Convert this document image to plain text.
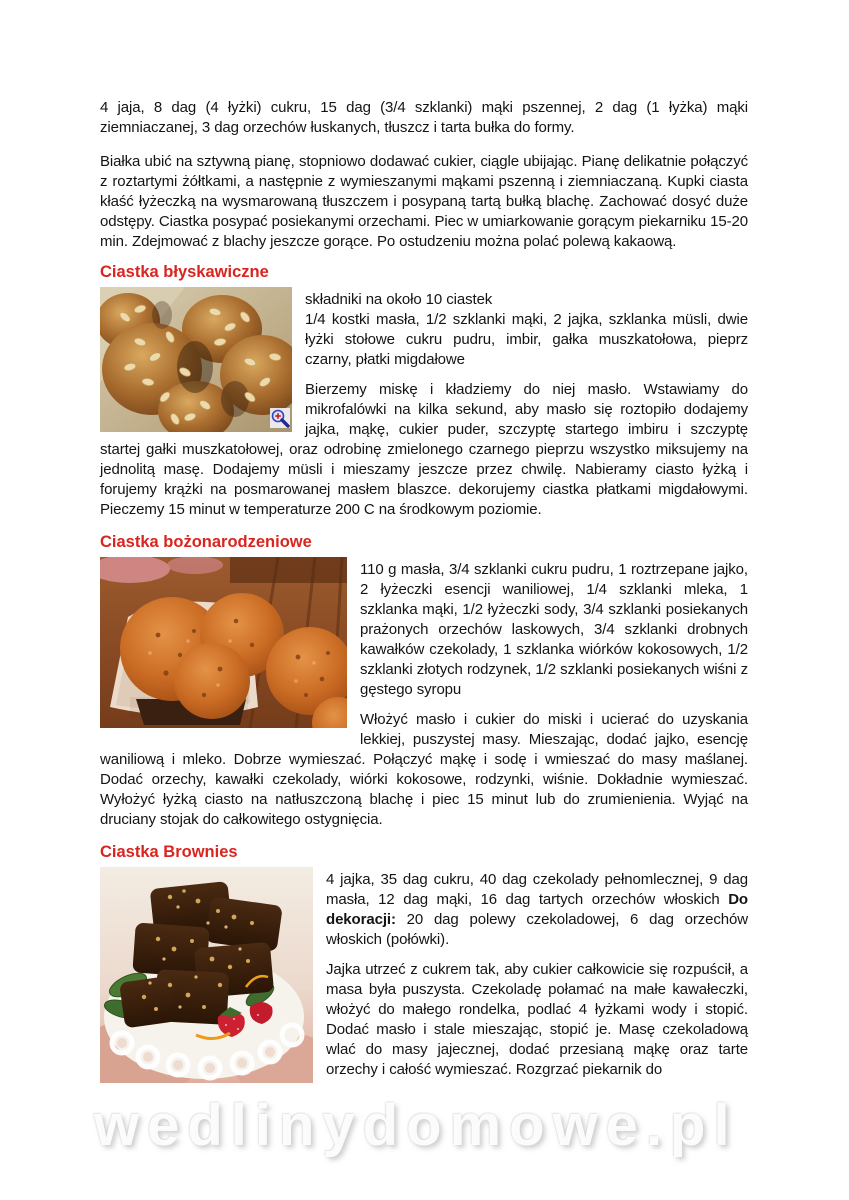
4 jaja, 8 dag (4 łyżki) cukru, 15 dag (3/4 szklanki) mąki pszennej, 2 dag (1 łyżka) mąki ziemniaczanej, 3 dag orzechów łuskanych, tłuszcz i tarta bułka do formy.

Białka ubić na sztywną pianę, stopniowo dodawać cukier, ciągle ubijając. Pianę delikatnie połączyć z roztartymi żółtkami, a następnie z wymieszanymi mąkami pszenną i ziemniaczaną. Kupki ciasta kłaść łyżeczką na wysmarowaną tłuszczem i posypaną tartą bułką blachę. Zachować dosyć duże odstępy. Ciastka posypać posiekanymi orzechami. Piec w umiarkowanie gorącym piekarniku 15-20 min. Zdejmować z blachy jeszcze gorące. Po ostudzeniu można polać polewą kakaową.

Ciastka błyskawiczne

składniki na około 10 ciastek

1/4 kostki masła, 1/2 szklanki mąki, 2 jajka, szklanka müsli, dwie łyżki stołowe cukru pudru, imbir, gałka muszkatołowa, pieprz czarny, płatki migdałowe

Bierzemy miskę i kładziemy do niej masło. Wstawiamy do mikrofalówki na kilka sekund, aby masło się roztopiło dodajemy jajka, mąkę, cukier puder, szczyptę startego imbiru i szczyptę startej gałki muszkatołowej, oraz odrobinę zmielonego czarnego pieprzu wszystko miksujemy na jednolitą masę. Dodajemy müsli i mieszamy jeszcze przez chwilę. Nabieramy ciasto łyżką i forujemy krążki na posmarowanej masłem blaszce. dekorujemy ciastka płatkami migdałowymi. Pieczemy 15 minut w temperaturze 200 C na środkowym poziomie.

Ciastka bożonarodzeniowe

110 g masła, 3/4 szklanki cukru pudru, 1 roztrzepane jajko, 2 łyżeczki esencji waniliowej, 1/4 szklanki mleka, 1 szklanka mąki, 1/2 łyżeczki sody, 3/4 szklanki posiekanych prażonych orzechów laskowych, 3/4 szklanki drobnych kawałków czekolady, 1 szklanka wiórków kokosowych, 1/2 szklanki złotych rodzynek, 1/2 szklanki posiekanych wiśni z gęstego syropu

Włożyć masło i cukier do miski i ucierać do uzyskania lekkiej, puszystej masy. Mieszając, dodać jajko, esencję waniliową i mleko. Dobrze wymieszać. Połączyć mąkę i sodę i wmieszać do masy maślanej. Dodać orzechy, kawałki czekolady, wiórki kokosowe, rodzynki, wiśnie. Dokładnie wymieszać. Wyłożyć łyżką ciasto na natłuszczoną blachę i piec 15 minut lub do zrumienienia. Wyjąć na druciany stojak do całkowitego ostygnięcia.

Ciastka Brownies

4 jajka, 35 dag cukru, 40 dag czekolady pełnomlecznej, 9 dag masła, 12 dag mąki, 16 dag tartych orzechów włoskich Do dekoracji: 20 dag polewy czekoladowej, 6 dag orzechów włoskich (połówki).

Jajka utrzeć z cukrem tak, aby cukier całkowicie się rozpuścił, a masa była puszysta. Czekoladę połamać na małe kawałeczki, włożyć do małego rondelka, podlać 4 łyżkami wody i stopić. Dodać masło i stale mieszając, stopić je. Masę czekoladową wlać do masy jajecznej, dodać przesianą mąkę oraz tarte orzechy i całość wymieszać. Rozgrzać piekarnik do

wedlinydomowe.pl
